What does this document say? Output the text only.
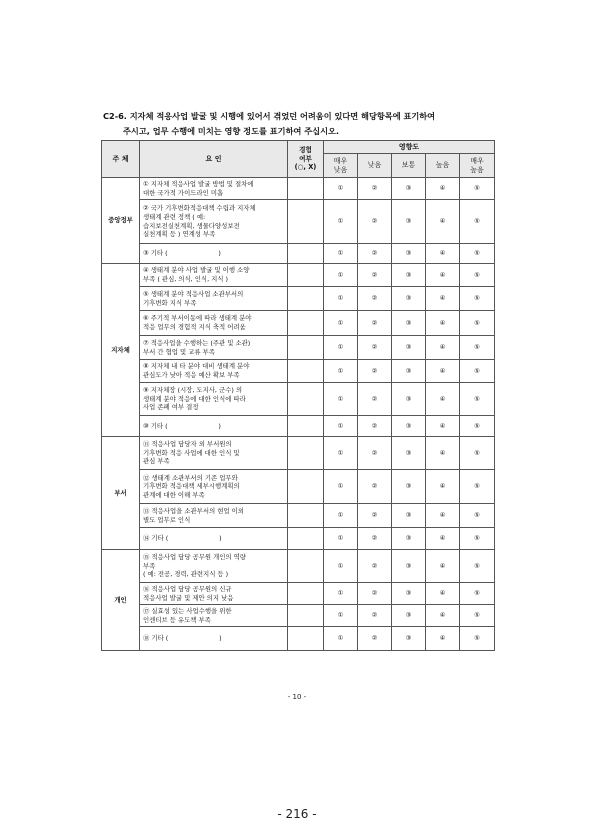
C2-6. 지자체 적응사업 발굴 및 시행에 있어서 겪었던 어려움이 있다면 해당항목에 표기하여
주시고, 업무 수행에 미치는 영향 정도를 표기하여 주십시오.
주 체	요 인	경험
여부
(○, X)	영향도				
			매우
낮음	낮음	보통	높음	매우
높음
중앙정부	① 지자체 적응사업 발굴 방법 및 절차에
대한 국가적 가이드라인 미흡		①	②	③	④	⑤

	② 국가 기후변화적응대책 수립과 지자체
생태계 관련 정책 ( 예:
습지보전실천계획, 생물다양성보전
실천계획 등 ) 연계성 부족		①	②	③	④	⑤

	③ 기타 (                         )		①	②	③	④	⑤
지자체	④ 생태계 분야 사업 발굴 및 이행 소양
부족 ( 관심, 의식, 인식, 지식 )		①	②	③	④	⑤

	⑤ 생태계 분야 적응사업 소관부서의
기후변화 지식 부족		①	②	③	④	⑤

	⑥ 주기적 부서이동에 따라 생태계 분야
적응 업무의 경험적 지식 축적 어려움		①	②	③	④	⑤

	⑦ 적응사업을 수행하는 (주관 및 소관)
부서 간 협업 및 교류 부족		①	②	③	④	⑤

	⑧ 지자체 내 타 분야 대비 생태계 분야
관심도가 낮아 적응 예산 확보 부족		①	②	③	④	⑤

	⑨ 지자체장 (시장, 도지사, 군수) 의
생태계 분야 적응에 대한 인식에 따라
사업 존폐 여부 결정		①	②	③	④	⑤

	⑩ 기타 (                         )		①	②	③	④	⑤
부서	⑪ 적응사업 담당자 외 부서원의
기후변화 적응 사업에 대한 인식 및
관심 부족		①	②	③	④	⑤

	⑫ 생태계 소관부서의 기존 업무와
기후변화 적응대책 세부시행계획의
관계에 대한 이해 부족		①	②	③	④	⑤

	⑬ 적응사업을 소관부서의 현업 이외
별도 업무로 인식		①	②	③	④	⑤

	⑭ 기타 (                         )		①	②	③	④	⑤
개인	⑮ 적응사업 담당 공무원 개인의 역량
부족
( 예: 전공, 경력, 관련지식 등 )		①	②	③	④	⑤

	⑯ 적응사업 담당 공무원의 신규
적응사업 발굴 및 제안 의지 낮음		①	②	③	④	⑤

	⑰ 실효성 있는 사업수행을 위한
인센티브 등 유도책 부족		①	②	③	④	⑤

	⑱ 기타 (                         )		①	②	③	④	⑤
- 10 -
- 216 -
